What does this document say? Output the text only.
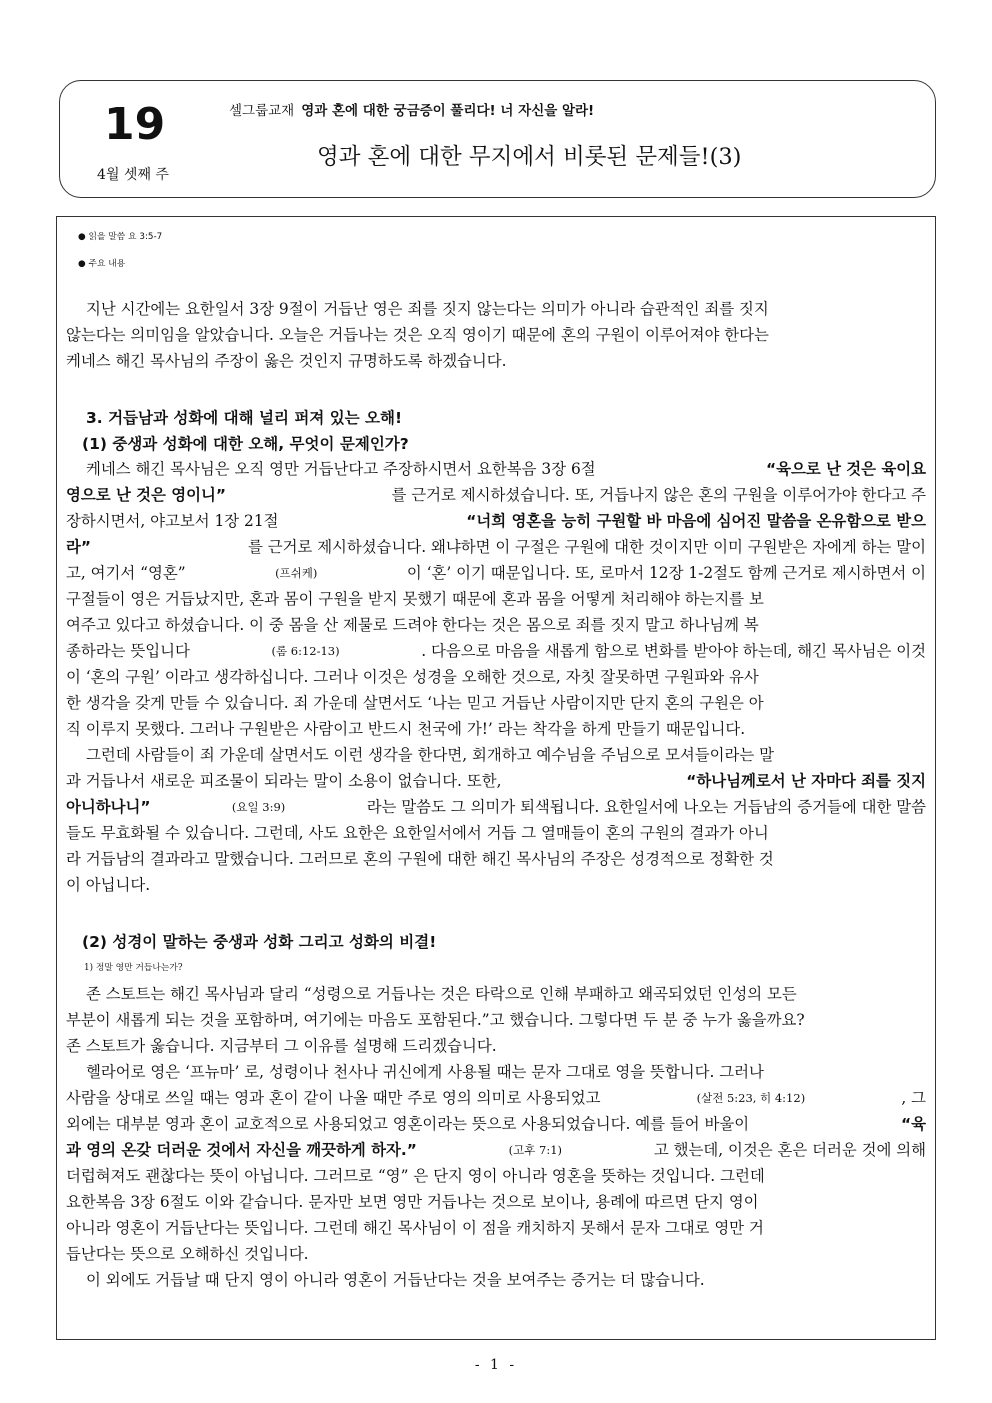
19
4월 셋째 주
셀그룹교재 영과 혼에 대한 궁금증이 풀리다! 너 자신을 알라!
영과 혼에 대한 무지에서 비롯된 문제들!(3)
● 읽을 말씀 요 3:5-7
● 주요 내용
지난 시간에는 요한일서 3장 9절이 거듭난 영은 죄를 짓지 않는다는 의미가 아니라 습관적인 죄를 짓지
않는다는 의미임을 알았습니다. 오늘은 거듭나는 것은 오직 영이기 때문에 혼의 구원이 이루어져야 한다는
케네스 해긴 목사님의 주장이 옳은 것인지 규명하도록 하겠습니다.
3. 거듭남과 성화에 대해 널리 퍼져 있는 오해!
(1) 중생과 성화에 대한 오해, 무엇이 문제인가?
케네스 해긴 목사님은 오직 영만 거듭난다고 주장하시면서 요한복음 3장 6절	“육으로 난 것은 육이요
영으로 난 것은 영이니”	를 근거로 제시하셨습니다. 또, 거듭나지 않은 혼의 구원을 이루어가야 한다고 주
장하시면서, 야고보서 1장 21절	“너희 영혼을 능히 구원할 바 마음에 심어진 말씀을 온유함으로 받으
라”	를 근거로 제시하셨습니다. 왜냐하면 이 구절은 구원에 대한 것이지만 이미 구원받은 자에게 하는 말이
고, 여기서 “영혼”	(프쉬케)	이 ‘혼’ 이기 때문입니다. 또, 로마서 12장 1-2절도 함께 근거로 제시하면서 이
구절들이 영은 거듭났지만, 혼과 몸이 구원을 받지 못했기 때문에 혼과 몸을 어떻게 처리해야 하는지를 보
여주고 있다고 하셨습니다. 이 중 몸을 산 제물로 드려야 한다는 것은 몸으로 죄를 짓지 말고 하나님께 복
종하라는 뜻입니다	(롬 6:12-13)	. 다음으로 마음을 새롭게 함으로 변화를 받아야 하는데, 해긴 목사님은 이것
이 ‘혼의 구원’ 이라고 생각하십니다. 그러나 이것은 성경을 오해한 것으로, 자칫 잘못하면 구원파와 유사
한 생각을 갖게 만들 수 있습니다. 죄 가운데 살면서도 ‘나는 믿고 거듭난 사람이지만 단지 혼의 구원은 아
직 이루지 못했다. 그러나 구원받은 사람이고 반드시 천국에 가!’ 라는 착각을 하게 만들기 때문입니다.
그런데 사람들이 죄 가운데 살면서도 이런 생각을 한다면, 회개하고 예수님을 주님으로 모셔들이라는 말
과 거듭나서 새로운 피조물이 되라는 말이 소용이 없습니다. 또한,	“하나님께로서 난 자마다 죄를 짓지
아니하나니”	(요일 3:9)	라는 말씀도 그 의미가 퇴색됩니다. 요한일서에 나오는 거듭남의 증거들에 대한 말씀
들도 무효화될 수 있습니다. 그런데, 사도 요한은 요한일서에서 거듭 그 열매들이 혼의 구원의 결과가 아니
라 거듭남의 결과라고 말했습니다. 그러므로 혼의 구원에 대한 해긴 목사님의 주장은 성경적으로 정확한 것
이 아닙니다.
(2) 성경이 말하는 중생과 성화 그리고 성화의 비결!
1) 정말 영만 거듭나는가?
존 스토트는 해긴 목사님과 달리 “성령으로 거듭나는 것은 타락으로 인해 부패하고 왜곡되었던 인성의 모든
부분이 새롭게 되는 것을 포함하며, 여기에는 마음도 포함된다.”고 했습니다. 그렇다면 두 분 중 누가 옳을까요?
존 스토트가 옳습니다. 지금부터 그 이유를 설명해 드리겠습니다.
헬라어로 영은 ‘프뉴마’ 로, 성령이나 천사나 귀신에게 사용될 때는 문자 그대로 영을 뜻합니다. 그러나
사람을 상대로 쓰일 때는 영과 혼이 같이 나올 때만 주로 영의 의미로 사용되었고	(살전 5:23, 히 4:12)	, 그
외에는 대부분 영과 혼이 교호적으로 사용되었고 영혼이라는 뜻으로 사용되었습니다. 예를 들어 바울이	“육
과 영의 온갖 더러운 것에서 자신을 깨끗하게 하자.”	(고후 7:1)	고 했는데, 이것은 혼은 더러운 것에 의해
더럽혀져도 괜찮다는 뜻이 아닙니다. 그러므로 “영” 은 단지 영이 아니라 영혼을 뜻하는 것입니다. 그런데
요한복음 3장 6절도 이와 같습니다. 문자만 보면 영만 거듭나는 것으로 보이나, 용례에 따르면 단지 영이
아니라 영혼이 거듭난다는 뜻입니다. 그런데 해긴 목사님이 이 점을 캐치하지 못해서 문자 그대로 영만 거
듭난다는 뜻으로 오해하신 것입니다.
이 외에도 거듭날 때 단지 영이 아니라 영혼이 거듭난다는 것을 보여주는 증거는 더 많습니다.
- 1 -
